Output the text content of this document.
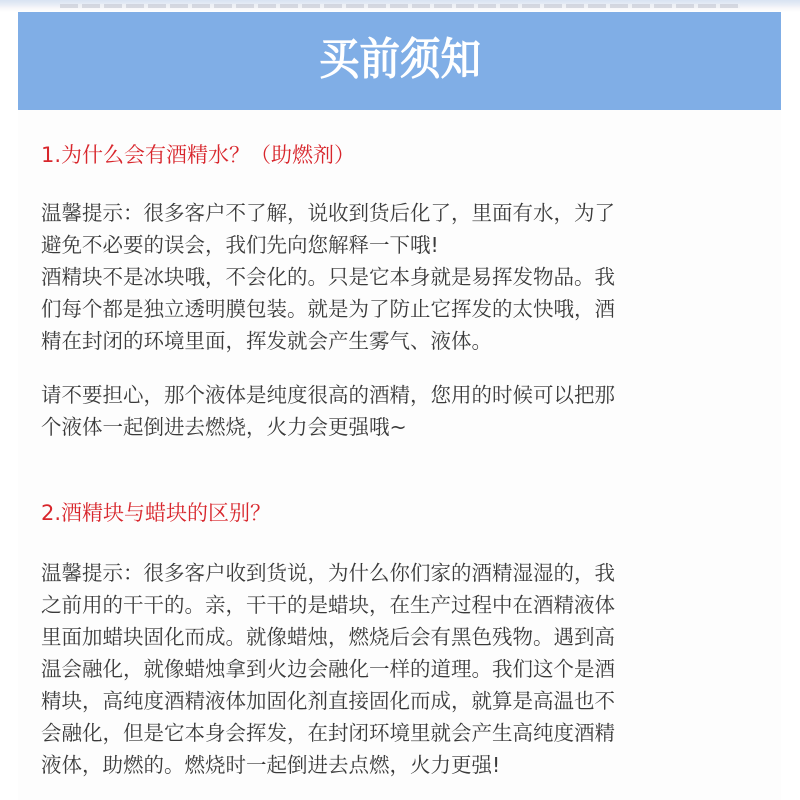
买前须知
1.为什么会有酒精水？（助燃剂）
温馨提示：很多客户不了解，说收到货后化了，里面有水，为了
避免不必要的误会，我们先向您解释一下哦!
酒精块不是冰块哦，不会化的。只是它本身就是易挥发物品。我
们每个都是独立透明膜包装。就是为了防止它挥发的太快哦，酒
精在封闭的环境里面，挥发就会产生雾气、液体。
请不要担心，那个液体是纯度很高的酒精，您用的时候可以把那
个液体一起倒进去燃烧，火力会更强哦~
2.酒精块与蜡块的区别？
温馨提示：很多客户收到货说，为什么你们家的酒精湿湿的，我
之前用的干干的。亲，干干的是蜡块，在生产过程中在酒精液体
里面加蜡块固化而成。就像蜡烛，燃烧后会有黑色残物。遇到高
温会融化，就像蜡烛拿到火边会融化一样的道理。我们这个是酒
精块，高纯度酒精液体加固化剂直接固化而成，就算是高温也不
会融化，但是它本身会挥发，在封闭环境里就会产生高纯度酒精
液体，助燃的。燃烧时一起倒进去点燃，火力更强!
